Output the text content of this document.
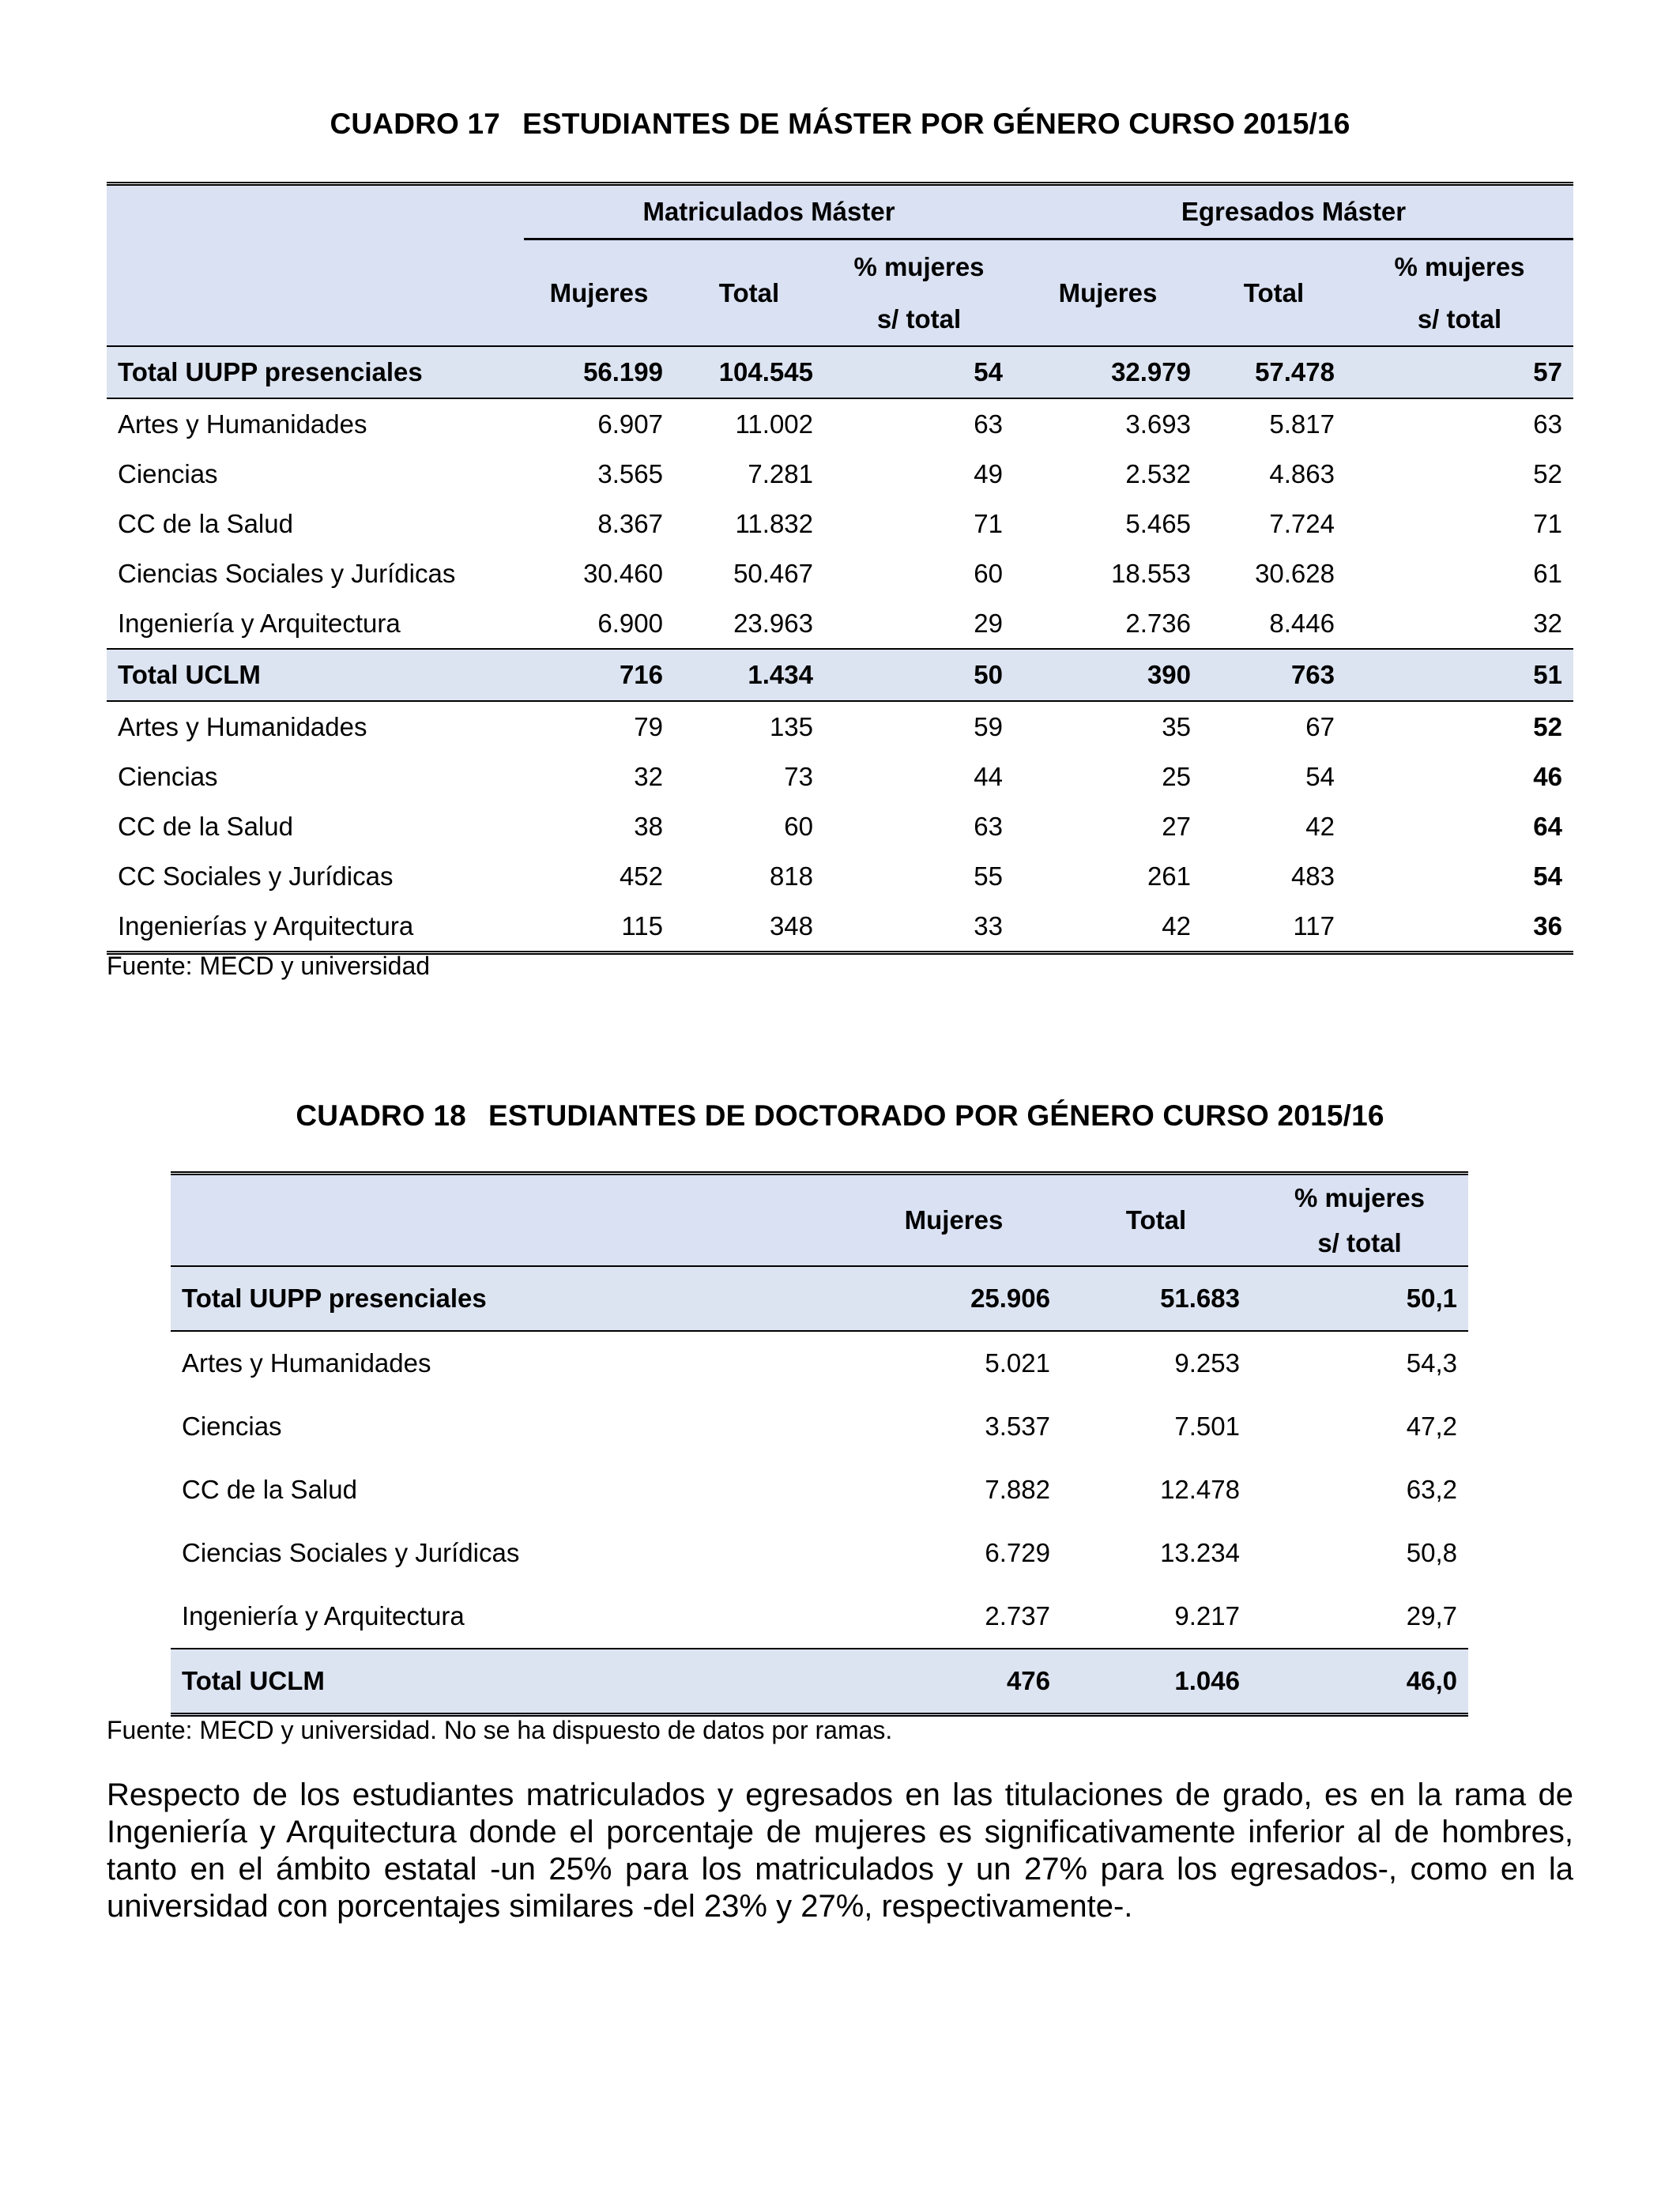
CUADRO 17 ESTUDIANTES DE MÁSTER POR GÉNERO CURSO 2015/16

	Matriculados Máster			Egresados Máster		
	Mujeres	Total	% mujeres	Mujeres	Total	% mujeres
			s/ total			s/ total
Total UUPP presenciales	56.199	104.545	54	32.979	57.478	57
Artes y Humanidades	6.907	11.002	63	3.693	5.817	63
Ciencias	3.565	7.281	49	2.532	4.863	52
CC de la Salud	8.367	11.832	71	5.465	7.724	71
Ciencias Sociales y Jurídicas	30.460	50.467	60	18.553	30.628	61
Ingeniería y Arquitectura	6.900	23.963	29	2.736	8.446	32
Total UCLM	716	1.434	50	390	763	51
Artes y Humanidades	79	135	59	35	67	52
Ciencias	32	73	44	25	54	46
CC de la Salud	38	60	63	27	42	64
CC Sociales y Jurídicas	452	818	55	261	483	54
Ingenierías y Arquitectura	115	348	33	42	117	36
Fuente: MECD y universidad
CUADRO 18 ESTUDIANTES DE DOCTORADO POR GÉNERO CURSO 2015/16

	Mujeres	Total	% mujeres
			s/ total
Total UUPP presenciales	25.906	51.683	50,1
Artes y Humanidades	5.021	9.253	54,3
Ciencias	3.537	7.501	47,2
CC de la Salud	7.882	12.478	63,2
Ciencias Sociales y Jurídicas	6.729	13.234	50,8
Ingeniería y Arquitectura	2.737	9.217	29,7
Total UCLM	476	1.046	46,0
Fuente: MECD y universidad. No se ha dispuesto de datos por ramas.
Respecto de los estudiantes matriculados y egresados en las titulaciones de grado, es en la rama de Ingeniería y Arquitectura donde el porcentaje de mujeres es significativamente inferior al de hombres, tanto en el ámbito estatal -un 25% para los matriculados y un 27% para los egresados-, como en la universidad con porcentajes similares -del 23% y 27%, respectivamente-.
